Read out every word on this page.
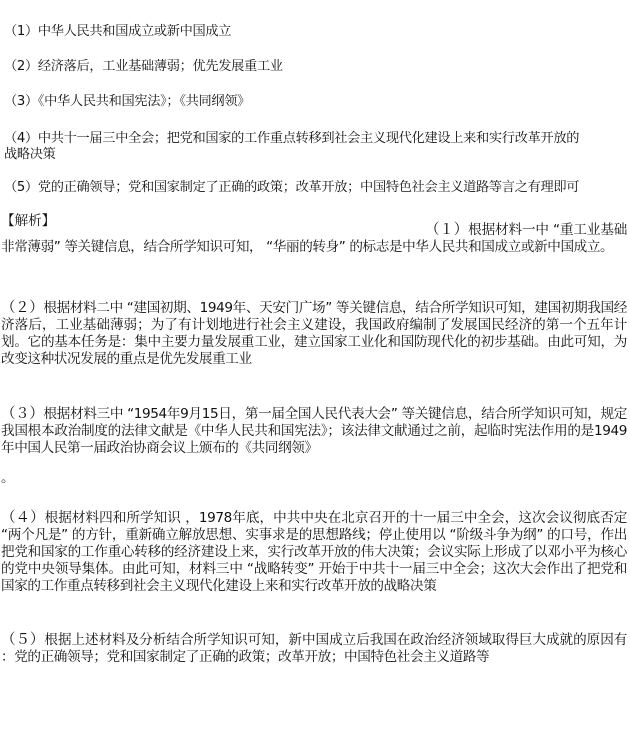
（1）中华人民共和国成立或新中国成立
（2）经济落后，工业基础薄弱；优先发展重工业
（3）《中华人民共和国宪法》；《共同纲领》
（4）中共十一届三中全会；把党和国家的工作重点转移到社会主义现代化建设上来和实行改革开放的
战略决策
（5）党的正确领导；党和国家制定了正确的政策；改革开放；中国特色社会主义道路等言之有理即可
【解析】
（１）根据材料一中 “重工业基础非常薄弱” 等关键信息，结合所学知识可知， “华丽的转身” 的标志是中华人民共和国成立或新中国成立。
（２）根据材料二中 “建国初期、1949年、天安门广场” 等关键信息，结合所学知识可知，建国初期我国经济落后，工业基础薄弱；为了有计划地进行社会主义建设，我国政府编制了发展国民经济的第一个五年计划。它的基本任务是：集中主要力量发展重工业，建立国家工业化和国防现代化的初步基础。由此可知，为改变这种状况发展的重点是优先发展重工业
（３）根据材料三中 “1954年9月15日，第一届全国人民代表大会” 等关键信息，结合所学知识可知，规定我国根本政治制度的法律文献是《中华人民共和国宪法》；该法律文献通过之前，起临时宪法作用的是1949年中国人民第一届政治协商会议上颁布的《共同纲领》
。
（４）根据材料四和所学知识 ，1978年底，中共中央在北京召开的十一届三中全会，这次会议彻底否定 “两个凡是” 的方针，重新确立解放思想、实事求是的思想路线；停止使用以 “阶级斗争为纲” 的口号，作出把党和国家的工作重心转移的经济建设上来，实行改革开放的伟大决策；会议实际上形成了以邓小平为核心的党中央领导集体。由此可知，材料三中 “战略转变” 开始于中共十一届三中全会；这次大会作出了把党和国家的工作重点转移到社会主义现代化建设上来和实行改革开放的战略决策
（５）根据上述材料及分析结合所学知识可知，新中国成立后我国在政治经济领域取得巨大成就的原因有 ：党的正确领导；党和国家制定了正确的政策；改革开放；中国特色社会主义道路等
